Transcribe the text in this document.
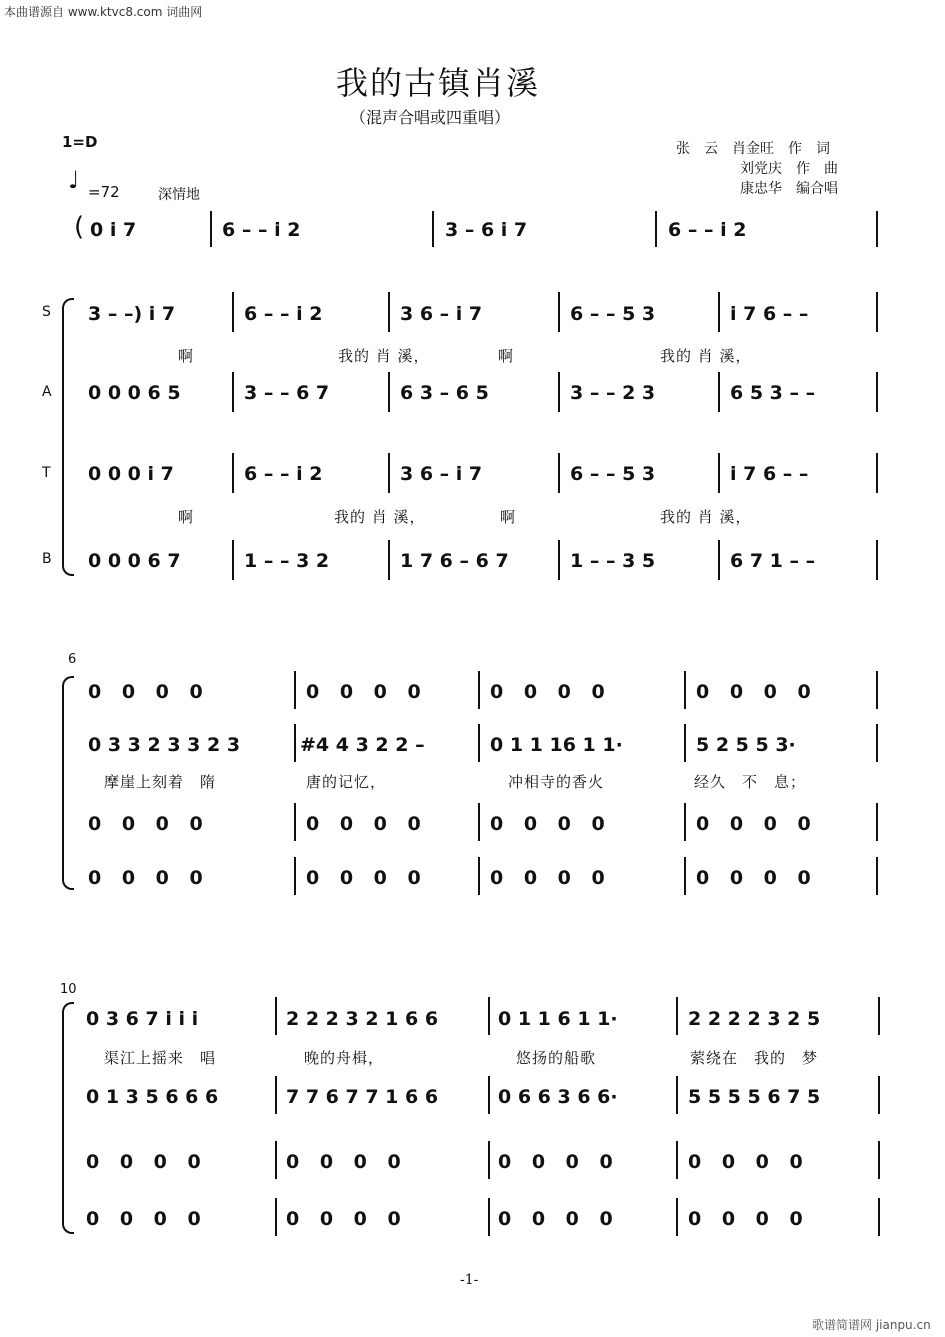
本曲谱源自 www.ktvc8.com 词曲网
我的古镇肖溪
（混声合唱或四重唱）
1=D
♩ =72	深情地
张　云　肖金旺　作　词
刘党庆　作　曲
康忠华　编合唱
( 0 i 7	6 – – i 2	3 – 6 i 7	6 – – i 2
S
A
T
B
3 – –) i 7	6 – – i 2	3 6 – i 7	6 – – 5 3	i 7 6 – –
啊	我的 肖 溪，	啊	我的 肖 溪，
0 0 0 6 5	3 – – 6 7	6 3 – 6 5	3 – – 2 3	6 5 3 – –
0 0 0 i 7	6 – – i 2	3 6 – i 7	6 – – 5 3	i 7 6 – –
啊	我的 肖 溪，	啊	我的 肖 溪，
0 0 0 6 7	1 – – 3 2	1 7 6 – 6 7	1 – – 3 5	6 7 1 – –
6
0 0 0 0	0 0 0 0	0 0 0 0	0 0 0 0
0 3 3 2 3 3 2 3	#4 4 3 2 2 –	0 1 1 16 1 1·	5 2 5 5 3·
摩崖上刻着　隋	唐的记忆，	冲相寺的香火	经久　不　息；
0 0 0 0	0 0 0 0	0 0 0 0	0 0 0 0
0 0 0 0	0 0 0 0	0 0 0 0	0 0 0 0
10
0 3 6 7 i i i	2 2 2 3 2 1 6 6	0 1 1 6 1 1·	2 2 2 2 3 2 5
渠江上摇来　唱	晚的舟楫，	悠扬的船歌	萦绕在　我的　梦
0 1 3 5 6 6 6	7 7 6 7 7 1 6 6	0 6 6 3 6 6·	5 5 5 5 6 7 5
0 0 0 0	0 0 0 0	0 0 0 0	0 0 0 0
0 0 0 0	0 0 0 0	0 0 0 0	0 0 0 0
-1-
歌谱简谱网 jianpu.cn
